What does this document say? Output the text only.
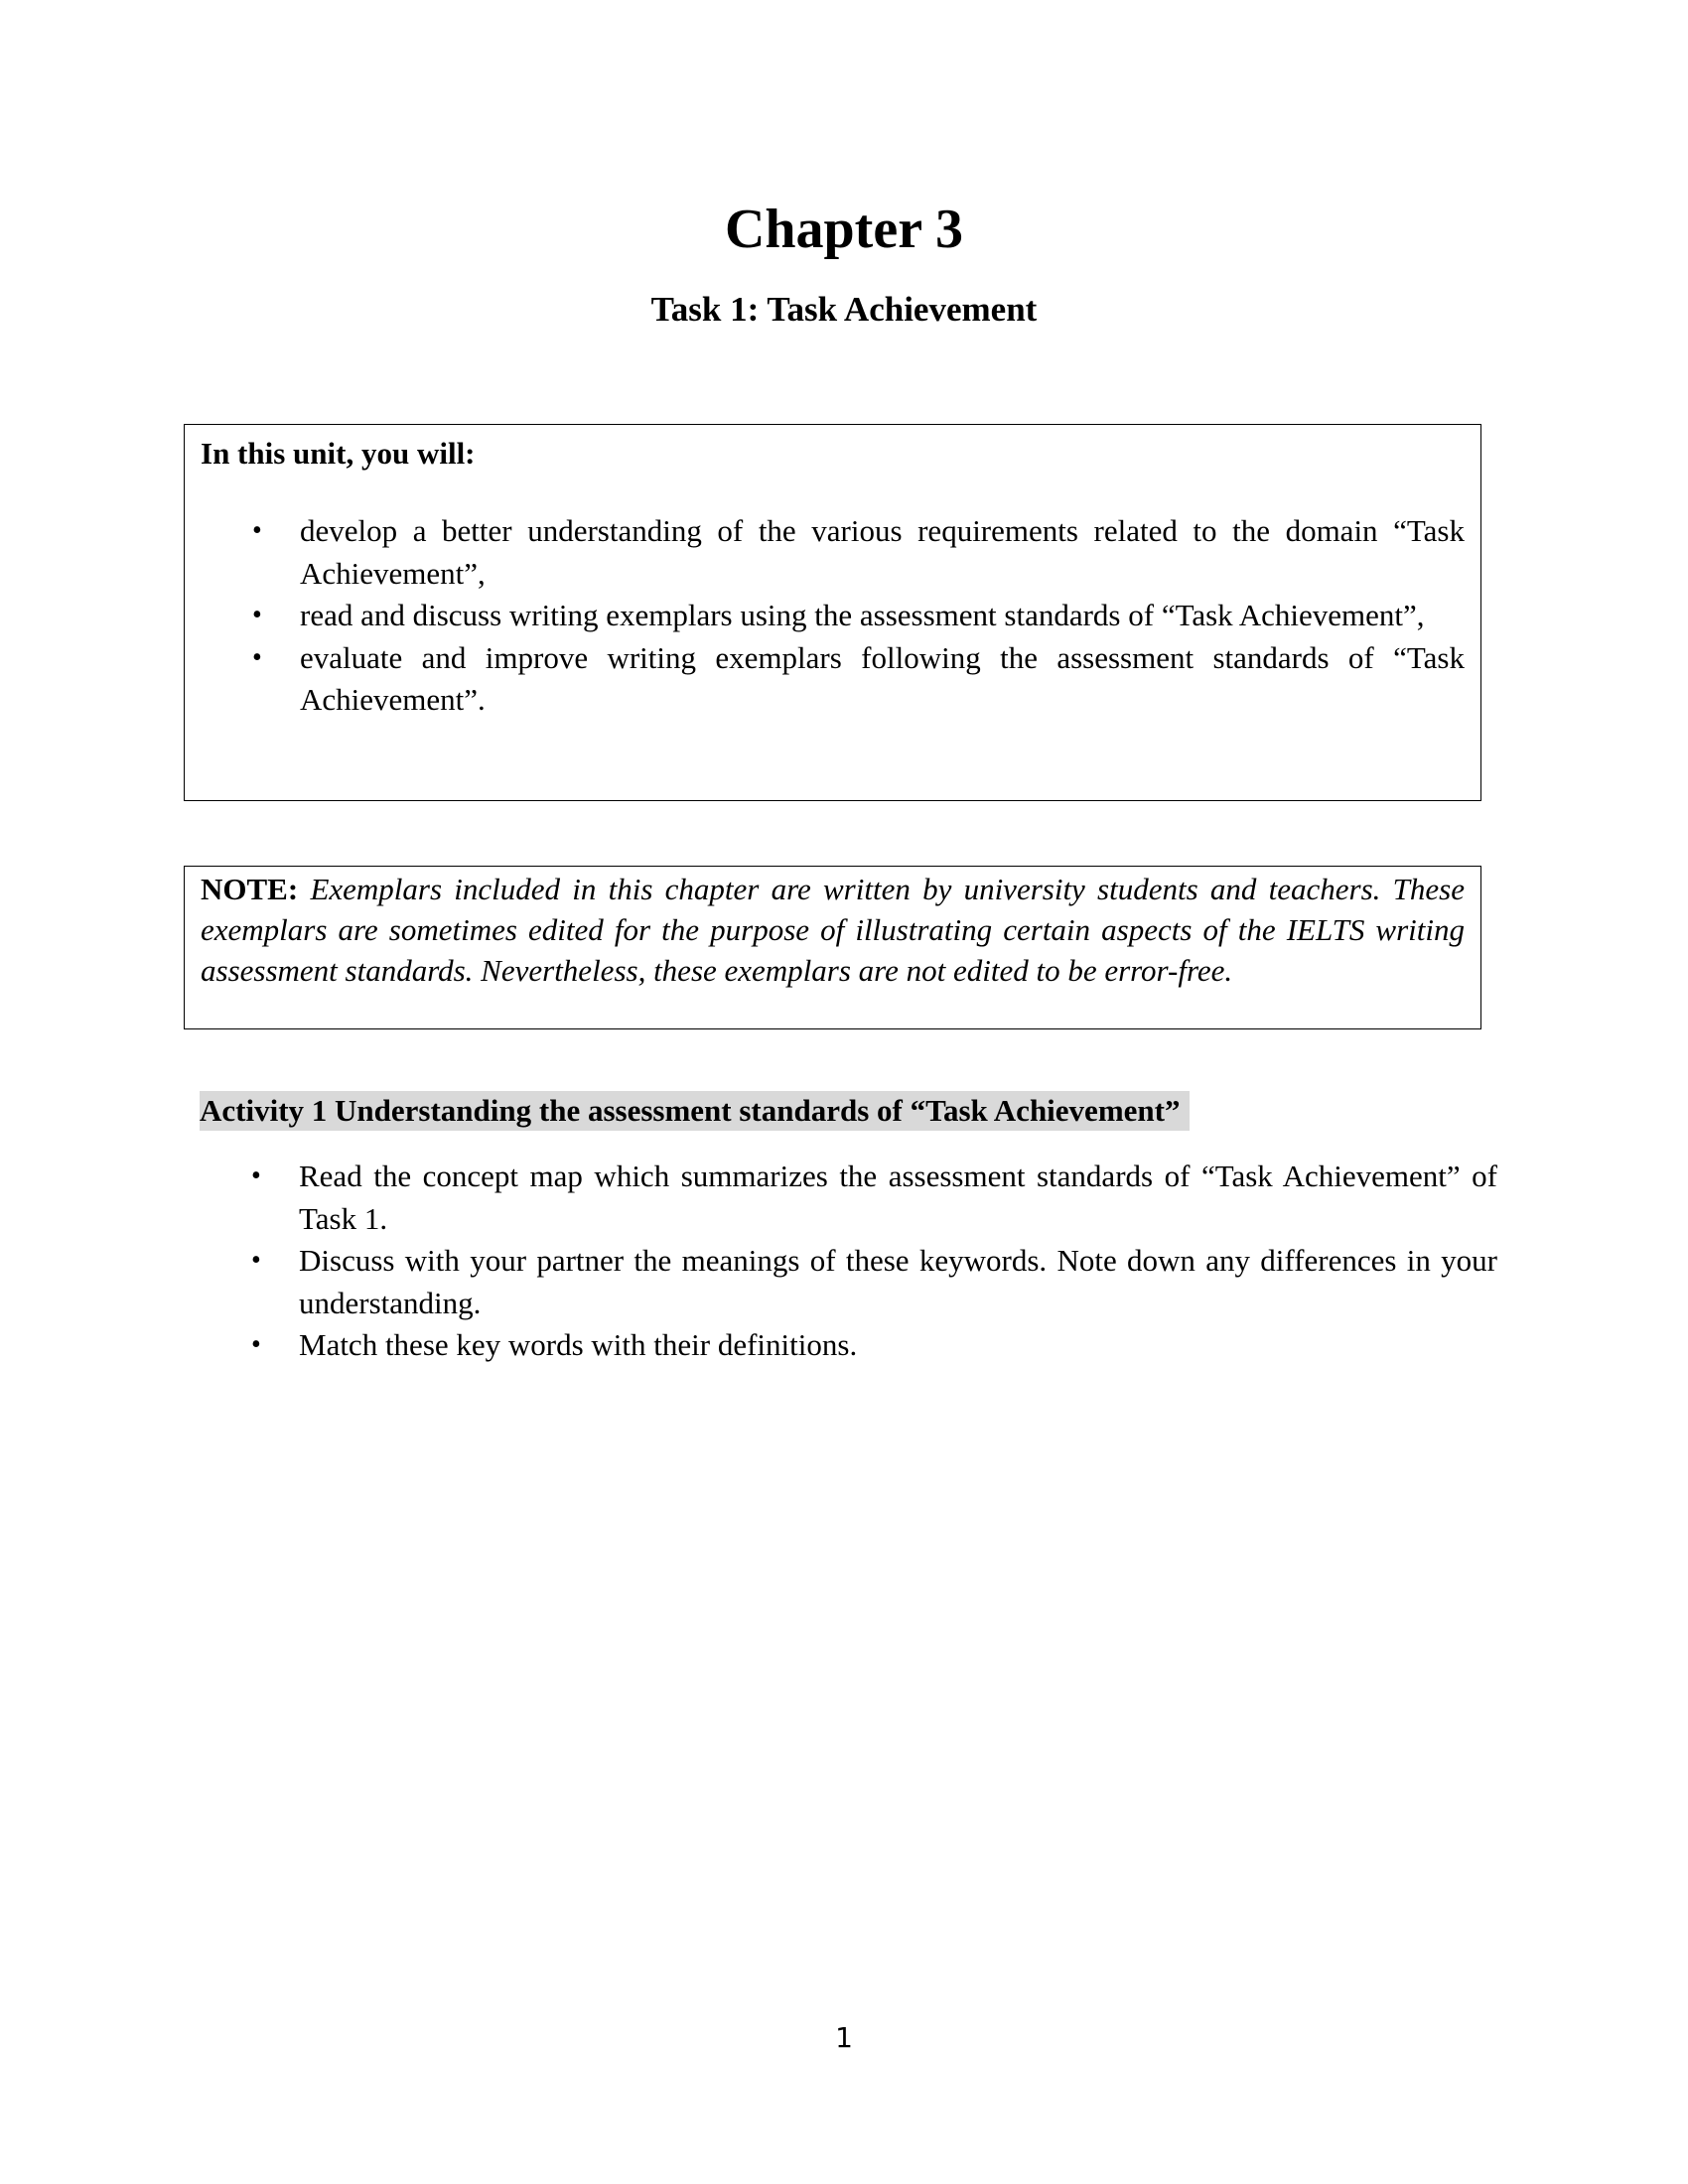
Chapter 3
Task 1: Task Achievement

In this unit, you will:

• develop a better understanding of the various requirements related to the domain “Task Achievement”,
• read and discuss writing exemplars using the assessment standards of “Task Achievement”,
• evaluate and improve writing exemplars following the assessment standards of “Task Achievement”.
NOTE: Exemplars included in this chapter are written by university students and teachers. These exemplars are sometimes edited for the purpose of illustrating certain aspects of the IELTS writing assessment standards. Nevertheless, these exemplars are not edited to be error-free.
Activity 1 Understanding the assessment standards of “Task Achievement”
• Read the concept map which summarizes the assessment standards of “Task Achievement” of Task 1.
• Discuss with your partner the meanings of these keywords. Note down any differences in your understanding.
• Match these key words with their definitions.
1
